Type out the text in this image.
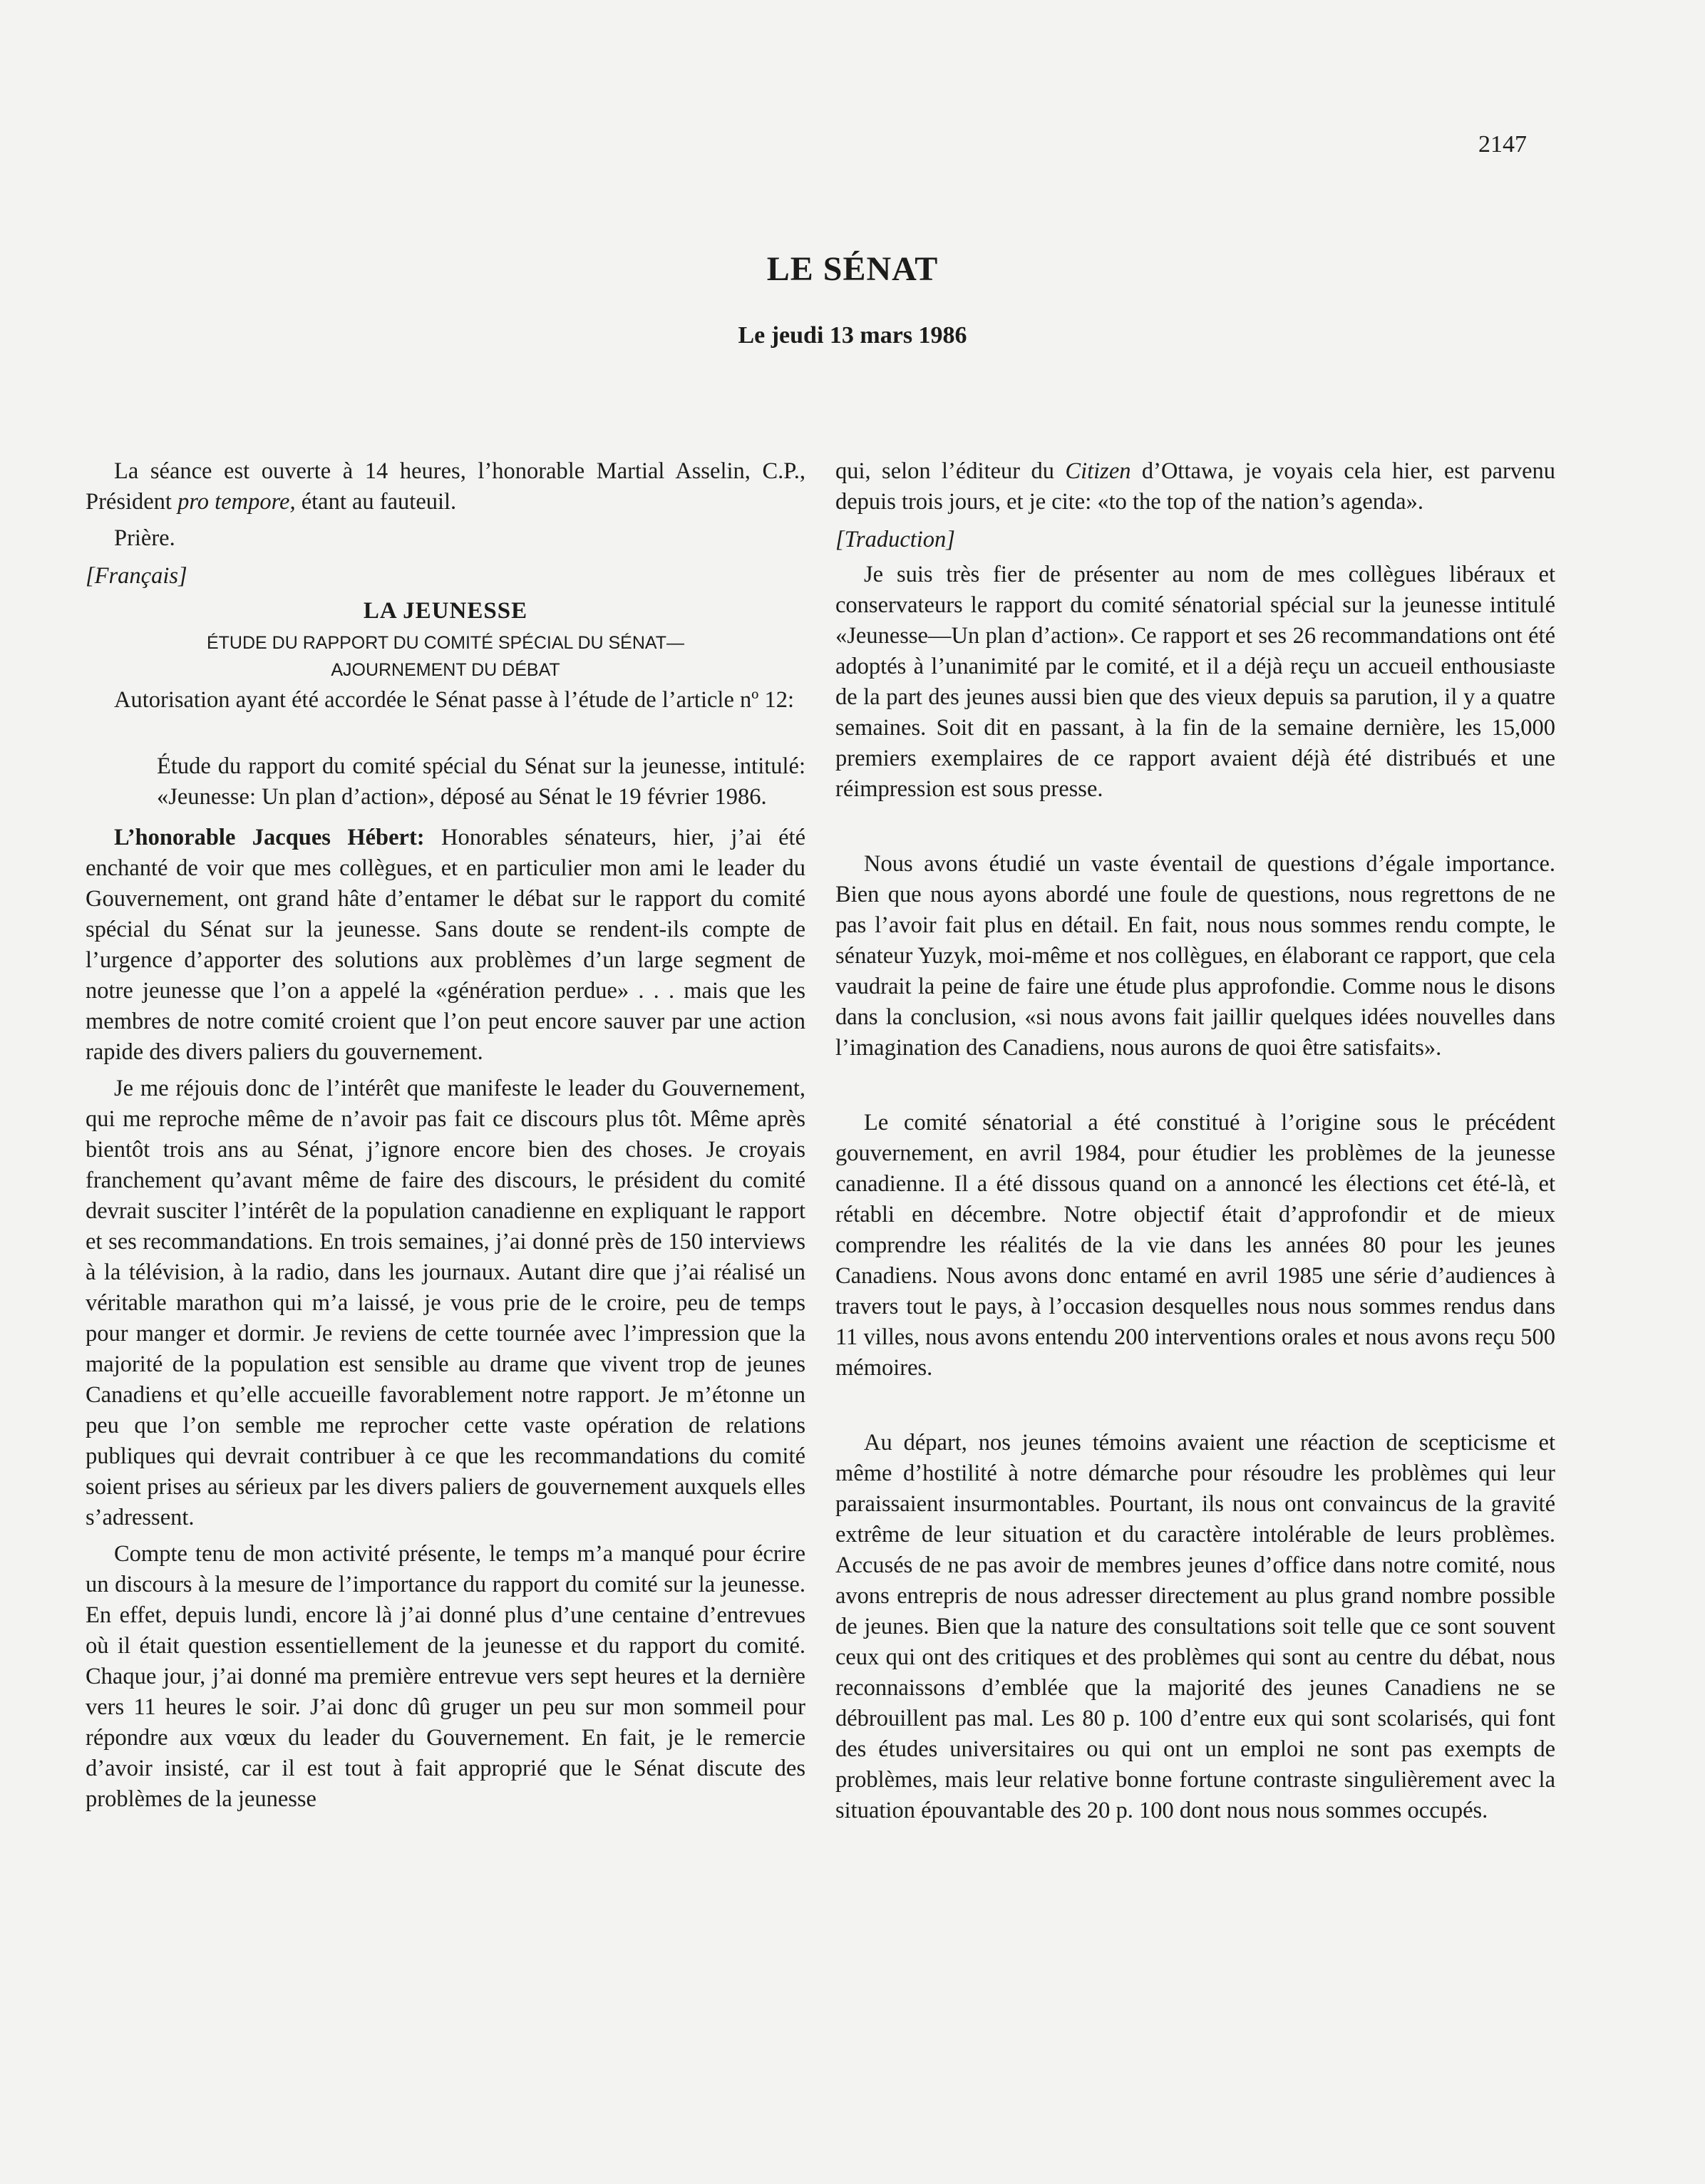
2147
LE SÉNAT
Le jeudi 13 mars 1986

La séance est ouverte à 14 heures, l’honorable Martial Asselin, C.P., Président pro tempore, étant au fauteuil.

Prière.

[Français]

LA JEUNESSE
ÉTUDE DU RAPPORT DU COMITÉ SPÉCIAL DU SÉNAT—
AJOURNEMENT DU DÉBAT

Autorisation ayant été accordée le Sénat passe à l’étude de l’article nº 12:

Étude du rapport du comité spécial du Sénat sur la jeunesse, intitulé: «Jeunesse: Un plan d’action», déposé au Sénat le 19 février 1986.

L’honorable Jacques Hébert: Honorables sénateurs, hier, j’ai été enchanté de voir que mes collègues, et en particulier mon ami le leader du Gouvernement, ont grand hâte d’entamer le débat sur le rapport du comité spécial du Sénat sur la jeunesse. Sans doute se rendent-ils compte de l’urgence d’apporter des solutions aux problèmes d’un large segment de notre jeunesse que l’on a appelé la «génération perdue» . . . mais que les membres de notre comité croient que l’on peut encore sauver par une action rapide des divers paliers du gouvernement.

Je me réjouis donc de l’intérêt que manifeste le leader du Gouvernement, qui me reproche même de n’avoir pas fait ce discours plus tôt. Même après bientôt trois ans au Sénat, j’ignore encore bien des choses. Je croyais franchement qu’avant même de faire des discours, le président du comité devrait susciter l’intérêt de la population canadienne en expliquant le rapport et ses recommandations. En trois semaines, j’ai donné près de 150 interviews à la télévision, à la radio, dans les journaux. Autant dire que j’ai réalisé un véritable marathon qui m’a laissé, je vous prie de le croire, peu de temps pour manger et dormir. Je reviens de cette tournée avec l’impression que la majorité de la population est sensible au drame que vivent trop de jeunes Canadiens et qu’elle accueille favorablement notre rapport. Je m’étonne un peu que l’on semble me reprocher cette vaste opération de relations publiques qui devrait contribuer à ce que les recommandations du comité soient prises au sérieux par les divers paliers de gouvernement auxquels elles s’adressent.

Compte tenu de mon activité présente, le temps m’a manqué pour écrire un discours à la mesure de l’importance du rapport du comité sur la jeunesse. En effet, depuis lundi, encore là j’ai donné plus d’une centaine d’entrevues où il était question essentiellement de la jeunesse et du rapport du comité. Chaque jour, j’ai donné ma première entrevue vers sept heures et la dernière vers 11 heures le soir. J’ai donc dû gruger un peu sur mon sommeil pour répondre aux vœux du leader du Gouvernement. En fait, je le remercie d’avoir insisté, car il est tout à fait approprié que le Sénat discute des problèmes de la jeunesse

qui, selon l’éditeur du Citizen d’Ottawa, je voyais cela hier, est parvenu depuis trois jours, et je cite: «to the top of the nation’s agenda».

[Traduction]

Je suis très fier de présenter au nom de mes collègues libéraux et conservateurs le rapport du comité sénatorial spécial sur la jeunesse intitulé «Jeunesse—Un plan d’action». Ce rapport et ses 26 recommandations ont été adoptés à l’unanimité par le comité, et il a déjà reçu un accueil enthousiaste de la part des jeunes aussi bien que des vieux depuis sa parution, il y a quatre semaines. Soit dit en passant, à la fin de la semaine dernière, les 15,000 premiers exemplaires de ce rapport avaient déjà été distribués et une réimpression est sous presse.

Nous avons étudié un vaste éventail de questions d’égale importance. Bien que nous ayons abordé une foule de questions, nous regrettons de ne pas l’avoir fait plus en détail. En fait, nous nous sommes rendu compte, le sénateur Yuzyk, moi-même et nos collègues, en élaborant ce rapport, que cela vaudrait la peine de faire une étude plus approfondie. Comme nous le disons dans la conclusion, «si nous avons fait jaillir quelques idées nouvelles dans l’imagination des Canadiens, nous aurons de quoi être satisfaits».

Le comité sénatorial a été constitué à l’origine sous le précédent gouvernement, en avril 1984, pour étudier les problèmes de la jeunesse canadienne. Il a été dissous quand on a annoncé les élections cet été-là, et rétabli en décembre. Notre objectif était d’approfondir et de mieux comprendre les réalités de la vie dans les années 80 pour les jeunes Canadiens. Nous avons donc entamé en avril 1985 une série d’audiences à travers tout le pays, à l’occasion desquelles nous nous sommes rendus dans 11 villes, nous avons entendu 200 interventions orales et nous avons reçu 500 mémoires.

Au départ, nos jeunes témoins avaient une réaction de scepticisme et même d’hostilité à notre démarche pour résoudre les problèmes qui leur paraissaient insurmontables. Pourtant, ils nous ont convaincus de la gravité extrême de leur situation et du caractère intolérable de leurs problèmes. Accusés de ne pas avoir de membres jeunes d’office dans notre comité, nous avons entrepris de nous adresser directement au plus grand nombre possible de jeunes. Bien que la nature des consultations soit telle que ce sont souvent ceux qui ont des critiques et des problèmes qui sont au centre du débat, nous reconnaissons d’emblée que la majorité des jeunes Canadiens ne se débrouillent pas mal. Les 80 p. 100 d’entre eux qui sont scolarisés, qui font des études universitaires ou qui ont un emploi ne sont pas exempts de problèmes, mais leur relative bonne fortune contraste singulièrement avec la situation épouvantable des 20 p. 100 dont nous nous sommes occupés.
